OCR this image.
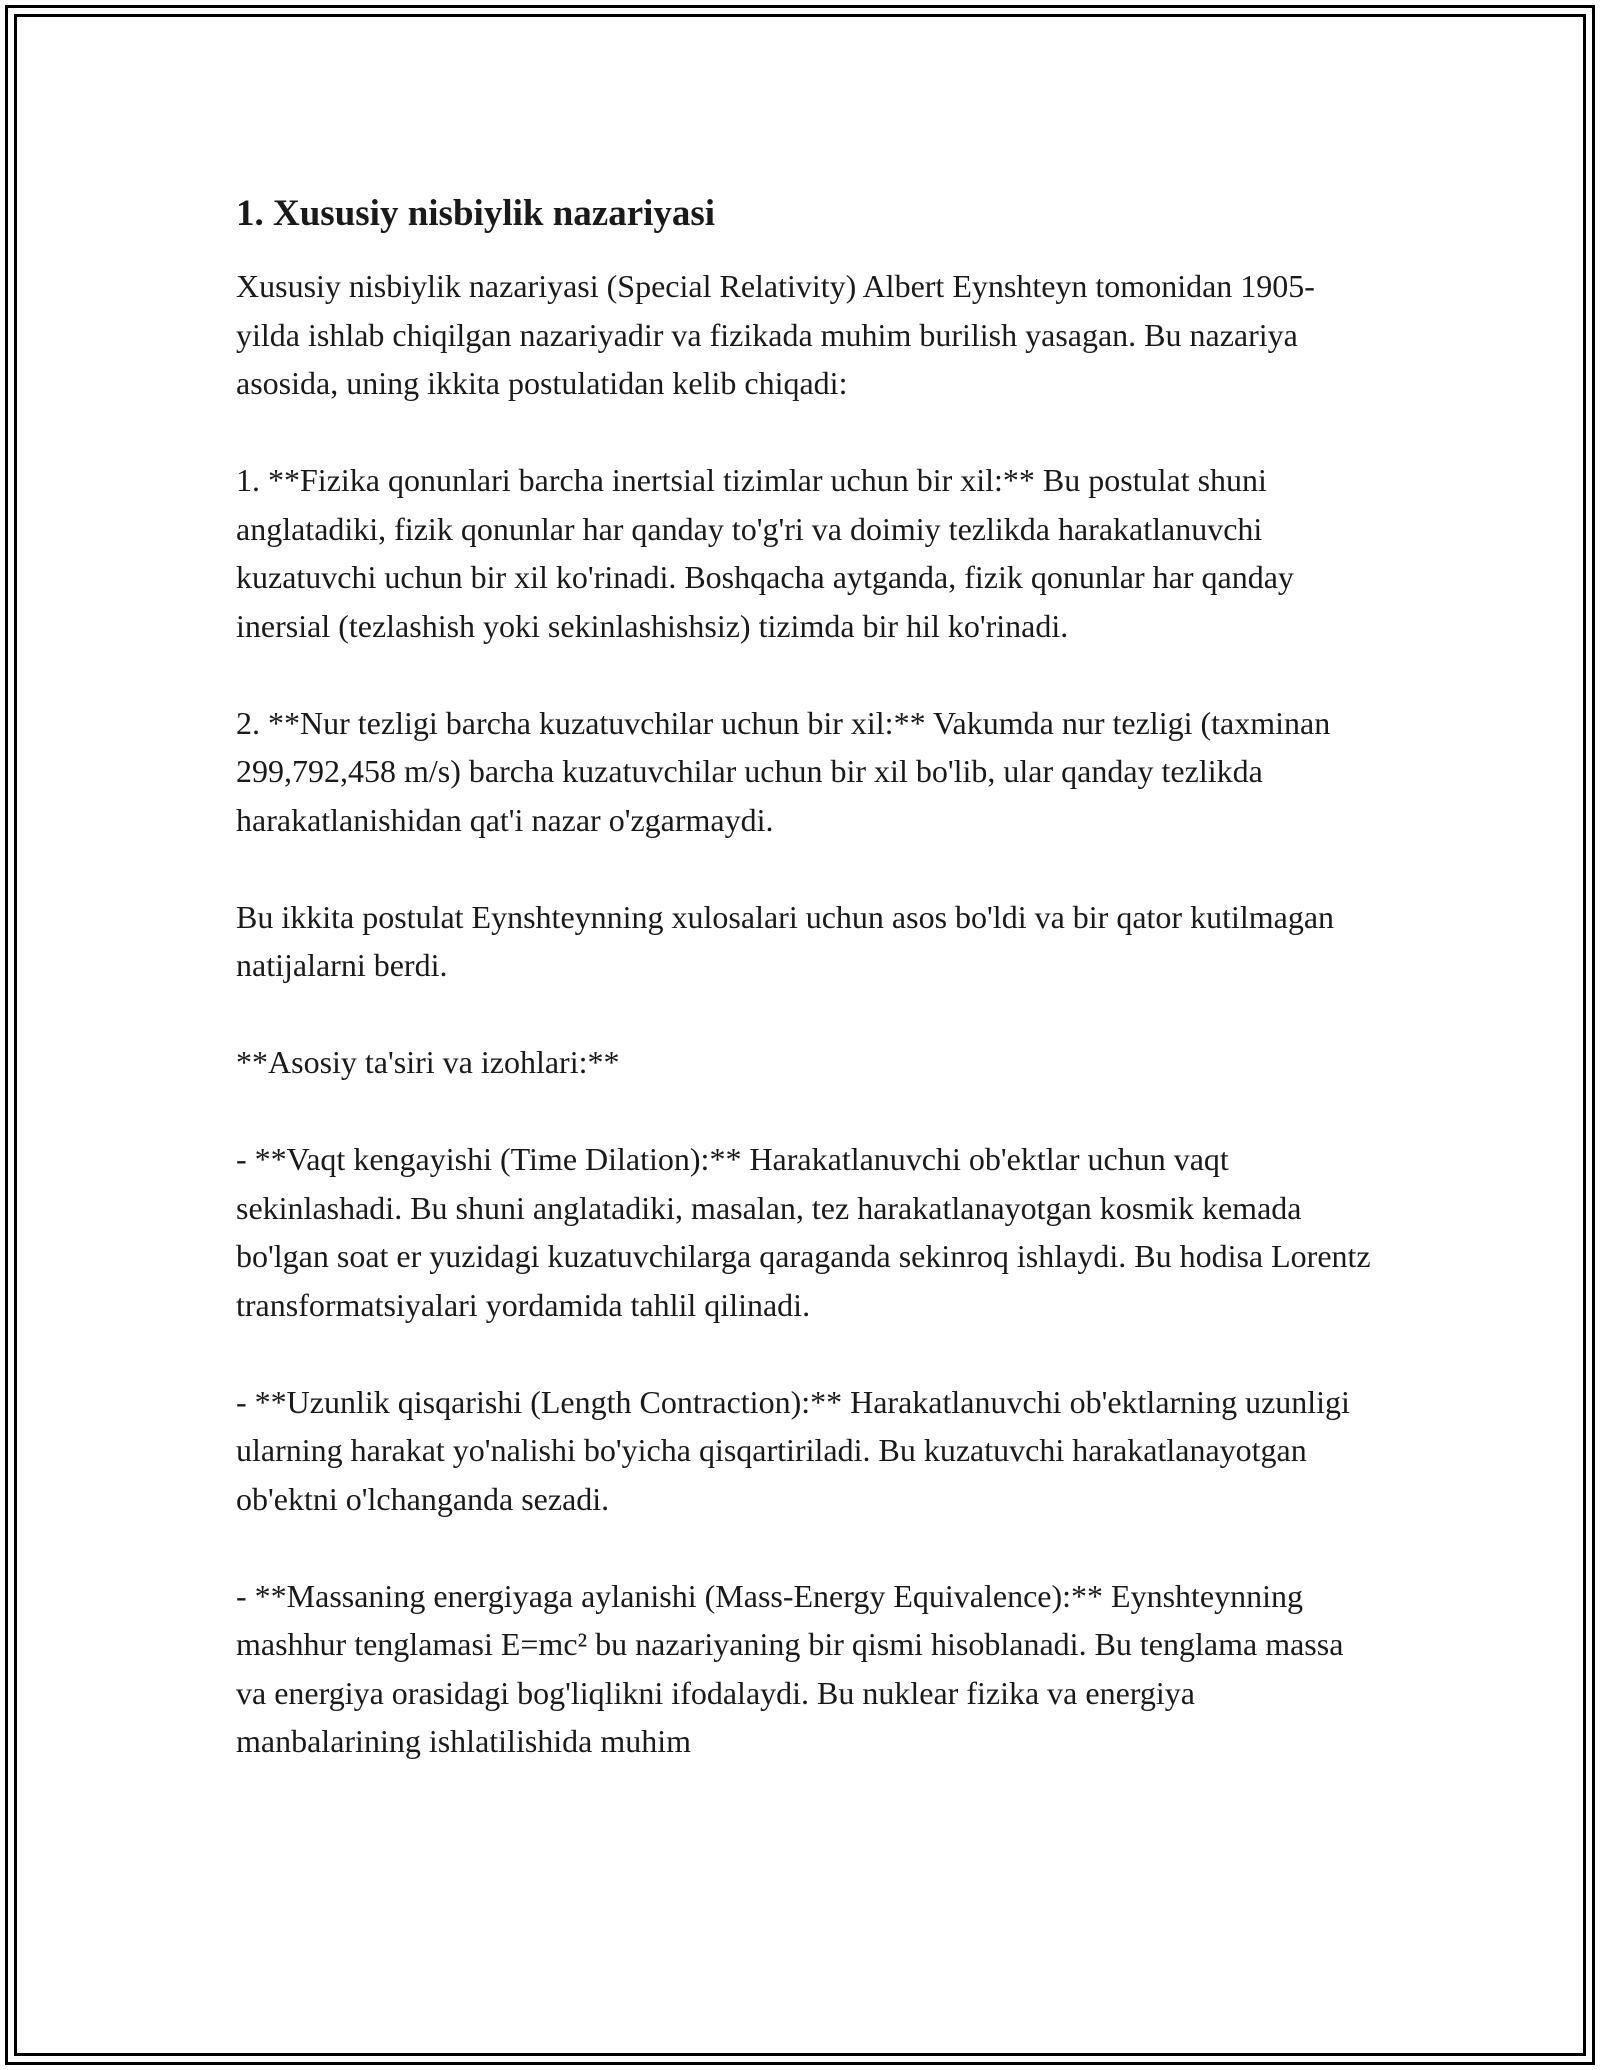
1. Xususiy nisbiylik nazariyasi

Xususiy nisbiylik nazariyasi (Special Relativity) Albert Eynshteyn tomonidan 1905-yilda ishlab chiqilgan nazariyadir va fizikada muhim burilish yasagan. Bu nazariya asosida, uning ikkita postulatidan kelib chiqadi:

1. **Fizika qonunlari barcha inertsial tizimlar uchun bir xil:** Bu postulat shuni anglatadiki, fizik qonunlar har qanday to'g'ri va doimiy tezlikda harakatlanuvchi kuzatuvchi uchun bir xil ko'rinadi. Boshqacha aytganda, fizik qonunlar har qanday inersial (tezlashish yoki sekinlashishsiz) tizimda bir hil ko'rinadi.

2. **Nur tezligi barcha kuzatuvchilar uchun bir xil:** Vakumda nur tezligi (taxminan 299,792,458 m/s) barcha kuzatuvchilar uchun bir xil bo'lib, ular qanday tezlikda harakatlanishidan qat'i nazar o'zgarmaydi.

Bu ikkita postulat Eynshteynning xulosalari uchun asos bo'ldi va bir qator kutilmagan natijalarni berdi.

**Asosiy ta'siri va izohlari:**

- **Vaqt kengayishi (Time Dilation):** Harakatlanuvchi ob'ektlar uchun vaqt sekinlashadi. Bu shuni anglatadiki, masalan, tez harakatlanayotgan kosmik kemada bo'lgan soat er yuzidagi kuzatuvchilarga qaraganda sekinroq ishlaydi. Bu hodisa Lorentz transformatsiyalari yordamida tahlil qilinadi.

- **Uzunlik qisqarishi (Length Contraction):** Harakatlanuvchi ob'ektlarning uzunligi ularning harakat yo'nalishi bo'yicha qisqartiriladi. Bu kuzatuvchi harakatlanayotgan ob'ektni o'lchanganda sezadi.

- **Massaning energiyaga aylanishi (Mass-Energy Equivalence):** Eynshteynning mashhur tenglamasi E=mc² bu nazariyaning bir qismi hisoblanadi. Bu tenglama massa va energiya orasidagi bog'liqlikni ifodalaydi. Bu nuklear fizika va energiya manbalarining ishlatilishida muhim
